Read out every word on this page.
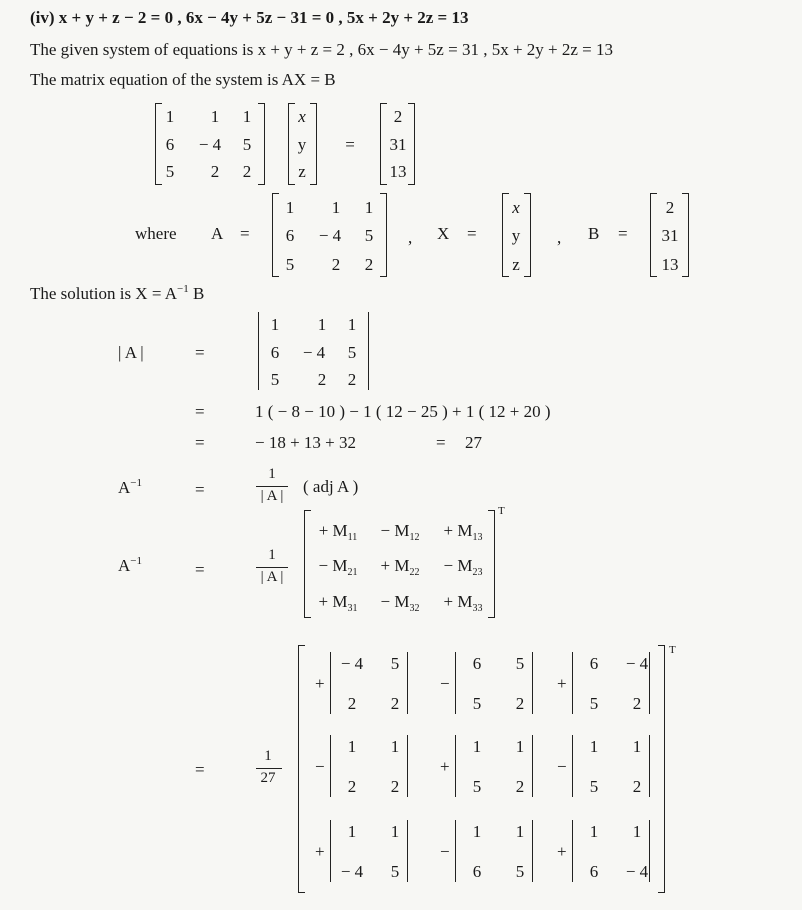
(iv) x + y + z − 2 = 0 , 6x − 4y + 5z − 31 = 0 , 5x + 2y + 2z = 13
The given system of equations is x + y + z = 2 , 6x − 4y + 5z = 31 , 5x + 2y + 2z = 13
The matrix equation of the system is AX = B
1 1 1
6 − 4 5
5 2 2
x
y
z
=
2
31
13
where A =
1 1 1
6 − 4 5
5 2 2
, X =
x
y
z
, B =
2
31
13
The solution is $X = A^{-1}$ B
| A |	=
1 1 1
6 − 4 5
5 2 2
=	1 ( − 8 − 10 ) − 1 ( 12 − 25 ) + 1 ( 12 + 20 )
=	− 18 + 13 + 32	= 27
$A^{-1}$	=
1
| A | ( adj A )
$A^{-1}$	=
1
| A |
+ $M_{11} - M_{12} + M_{13}$
− $M_{21} + M_{22} - M_{23}$
+ $M_{31} - M_{32} + M_{33}$
T
=
1
27
+
− 4 5
2 2
−
6 5
5 2
+
6 − 4
5 2
−
1 1
2 2
+
1 1
5 2
−
1 1
5 2
+
1 1
− 4 5
−
1 1
6 5
+
1 1
6 − 4
T
